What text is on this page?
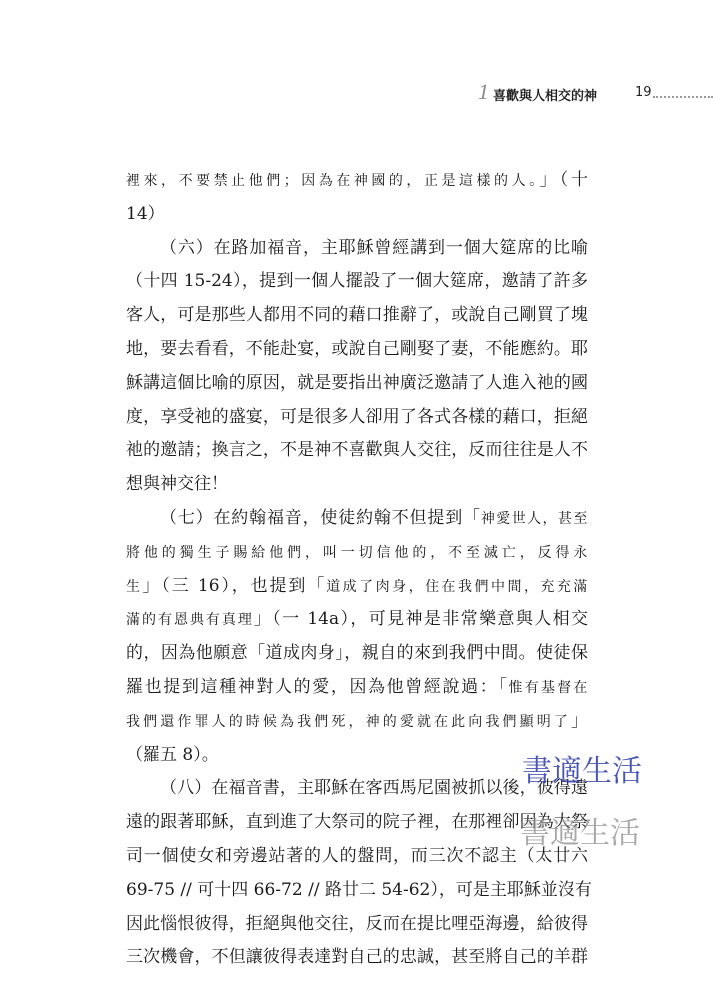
1 喜歡與人相交的神	19
裡來，不要禁止他們；因為在神國的，正是這樣的人。」（十
14）
（六）在路加福音，主耶穌曾經講到一個大筵席的比喻
（十四 15-24），提到一個人擺設了一個大筵席，邀請了許多
客人，可是那些人都用不同的藉口推辭了，或說自己剛買了塊
地，要去看看，不能赴宴，或說自己剛娶了妻，不能應約。耶
穌講這個比喻的原因，就是要指出神廣泛邀請了人進入祂的國
度，享受祂的盛宴，可是很多人卻用了各式各樣的藉口，拒絕
祂的邀請；換言之，不是神不喜歡與人交往，反而往往是人不
想與神交往！
（七）在約翰福音，使徒約翰不但提到「神愛世人，甚至
將他的獨生子賜給他們，叫一切信他的，不至滅亡，反得永
生」（三 16），也提到「道成了肉身，住在我們中間，充充滿
滿的有恩典有真理」（一 14a），可見神是非常樂意與人相交
的，因為他願意「道成肉身」，親自的來到我們中間。使徒保
羅也提到這種神對人的愛，因為他曾經說過：「惟有基督在
我們還作罪人的時候為我們死，神的愛就在此向我們顯明了」
（羅五 8）。
（八）在福音書，主耶穌在客西馬尼園被抓以後，彼得遠
遠的跟著耶穌，直到進了大祭司的院子裡，在那裡卻因為大祭
司一個使女和旁邊站著的人的盤問，而三次不認主（太廿六
69-75 // 可十四 66-72 // 路廿二 54-62），可是主耶穌並沒有
因此惱恨彼得，拒絕與他交往，反而在提比哩亞海邊，給彼得
三次機會，不但讓彼得表達對自己的忠誠，甚至將自己的羊群
書適生活
書適生活
